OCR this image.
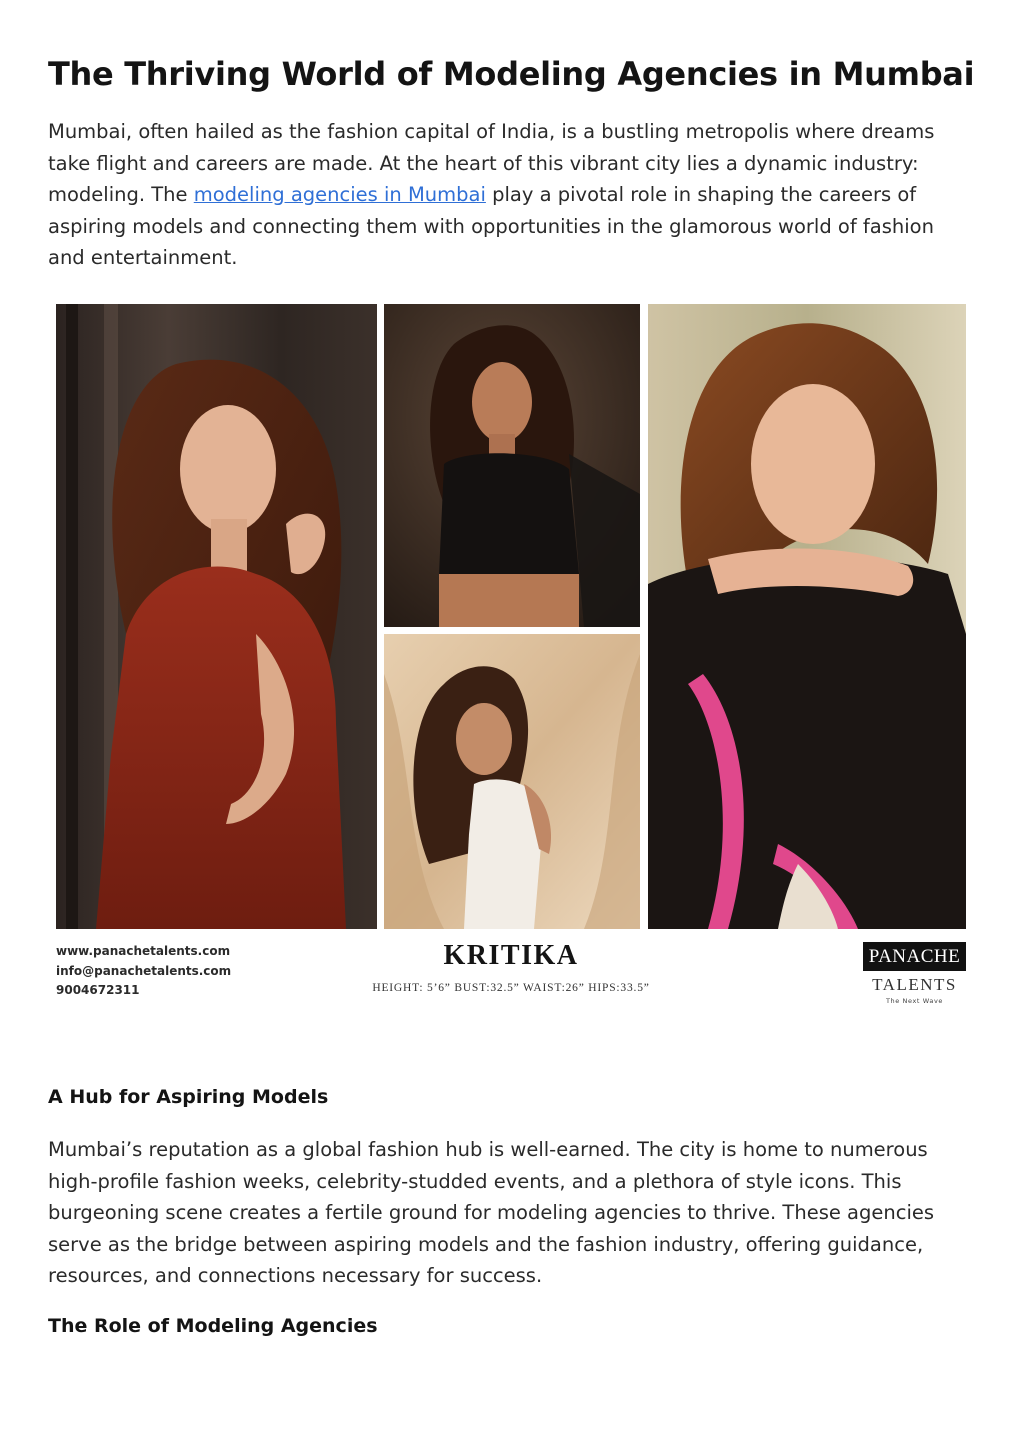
The Thriving World of Modeling Agencies in Mumbai

Mumbai, often hailed as the fashion capital of India, is a bustling metropolis where dreams take flight and careers are made. At the heart of this vibrant city lies a dynamic industry: modeling. The modeling agencies in Mumbai play a pivotal role in shaping the careers of aspiring models and connecting them with opportunities in the glamorous world of fashion and entertainment.

www.panachetalents.com
info@panachetalents.com
9004672311
KRITIKA
HEIGHT: 5’6” BUST:32.5” WAIST:26” HIPS:33.5”
PANACHE
TALENTS
The Next Wave
A Hub for Aspiring Models

Mumbai’s reputation as a global fashion hub is well-earned. The city is home to numerous high-profile fashion weeks, celebrity-studded events, and a plethora of style icons. This burgeoning scene creates a fertile ground for modeling agencies to thrive. These agencies serve as the bridge between aspiring models and the fashion industry, offering guidance, resources, and connections necessary for success.

The Role of Modeling Agencies
